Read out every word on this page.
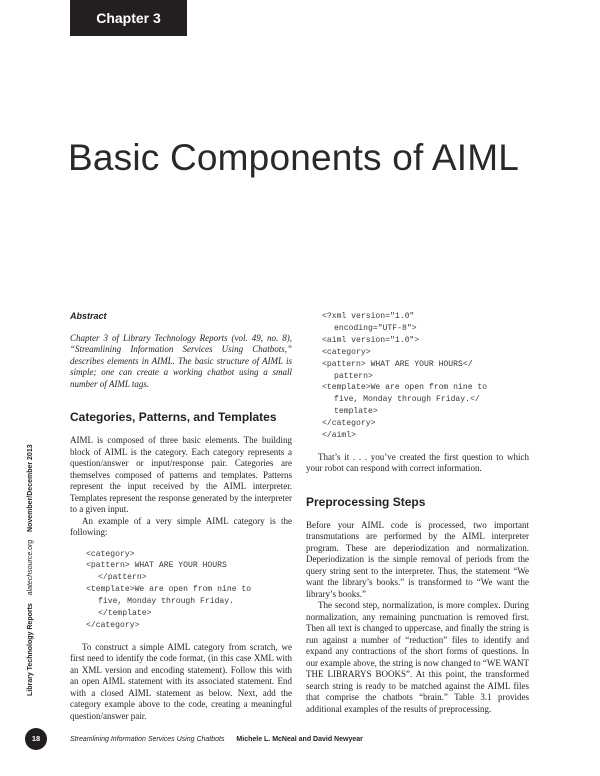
Chapter 3
Basic Components of AIML
Library Technology Reports    alatechsource.org    November/December 2013
Abstract

Chapter 3 of Library Technology Reports (vol. 49, no. 8), “Streamlining Information Services Using Chatbots,” describes elements in AIML. The basic structure of AIML is simple; one can create a working chatbot using a small number of AIML tags.

Categories, Patterns, and Templates

AIML is composed of three basic elements. The building block of AIML is the category. Each category represents a question/answer or input/response pair. Categories are themselves composed of patterns and templates. Patterns represent the input received by the AIML interpreter. Templates represent the response generated by the interpreter to a given input.

An example of a very simple AIML category is the following:

<category>
<pattern> WHAT ARE YOUR HOURS
</pattern>
<template>We are open from nine to
five, Monday through Friday.
</template>
</category>

To construct a simple AIML category from scratch, we first need to identify the code format, (in this case XML with an XML version and encoding statement). Follow this with an open AIML statement with its associated statement. End with a closed AIML statement as below. Next, add the category example above to the code, creating a meaningful question/answer pair.

<?xml version="1.0"
encoding="UTF-8">
<aiml version="1.0">
<category>
<pattern> WHAT ARE YOUR HOURS</
pattern>
<template>We are open from nine to
five, Monday through Friday.</
template>
</category>
</aiml>

That’s it . . . you’ve created the first question to which your robot can respond with correct information.

Preprocessing Steps

Before your AIML code is processed, two important transmutations are performed by the AIML interpreter program. These are deperiodization and normalization. Deperiodization is the simple removal of periods from the query string sent to the interpreter. Thus, the statement “We want the library’s books.” is transformed to “We want the library’s books.”

The second step, normalization, is more complex. During normalization, any remaining punctuation is removed first. Then all text is changed to uppercase, and finally the string is run against a number of “reduction” files to identify and expand any contractions of the short forms of questions. In our example above, the string is now changed to “WE WANT THE LIBRARYS BOOKS”. At this point, the transformed search string is ready to be matched against the AIML files that comprise the chatbots “brain.” Table 3.1 provides additional examples of the results of preprocessing.

18	Streamlining Information Services Using Chatbots Michele L. McNeal and David Newyear
